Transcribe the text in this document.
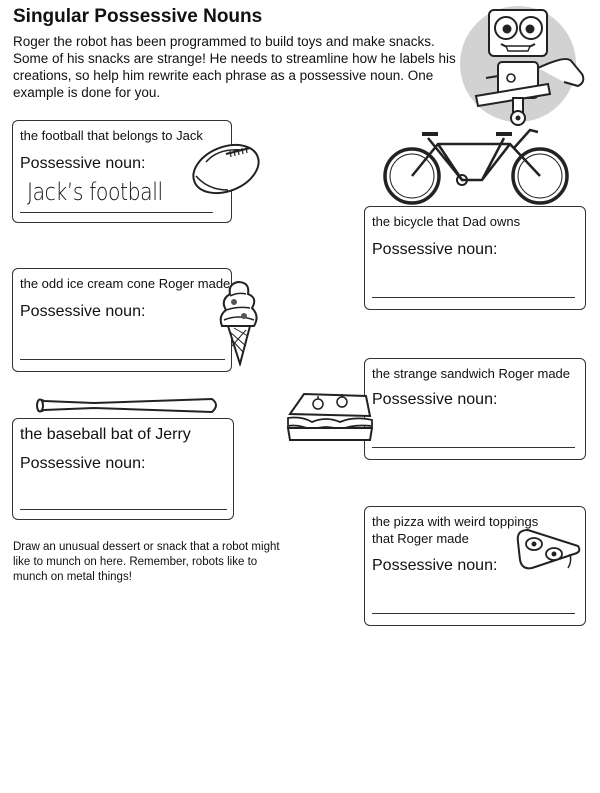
Singular Possessive Nouns
Roger the robot has been programmed to build toys and make snacks. Some of his snacks are strange! He needs to streamline how he labels his creations, so help him rewrite each phrase as a possessive noun. One example is done for you.
the football that belongs to Jack
Possessive noun:
Jack’s football
the bicycle that Dad owns
Possessive noun:
the odd ice cream cone Roger made
Possessive noun:
the strange sandwich Roger made
Possessive noun:
the baseball bat of Jerry
Possessive noun:
the pizza with weird toppings that Roger made
Possessive noun:
Draw an unusual dessert or snack that a robot might like to munch on here. Remember, robots like to munch on metal things!
